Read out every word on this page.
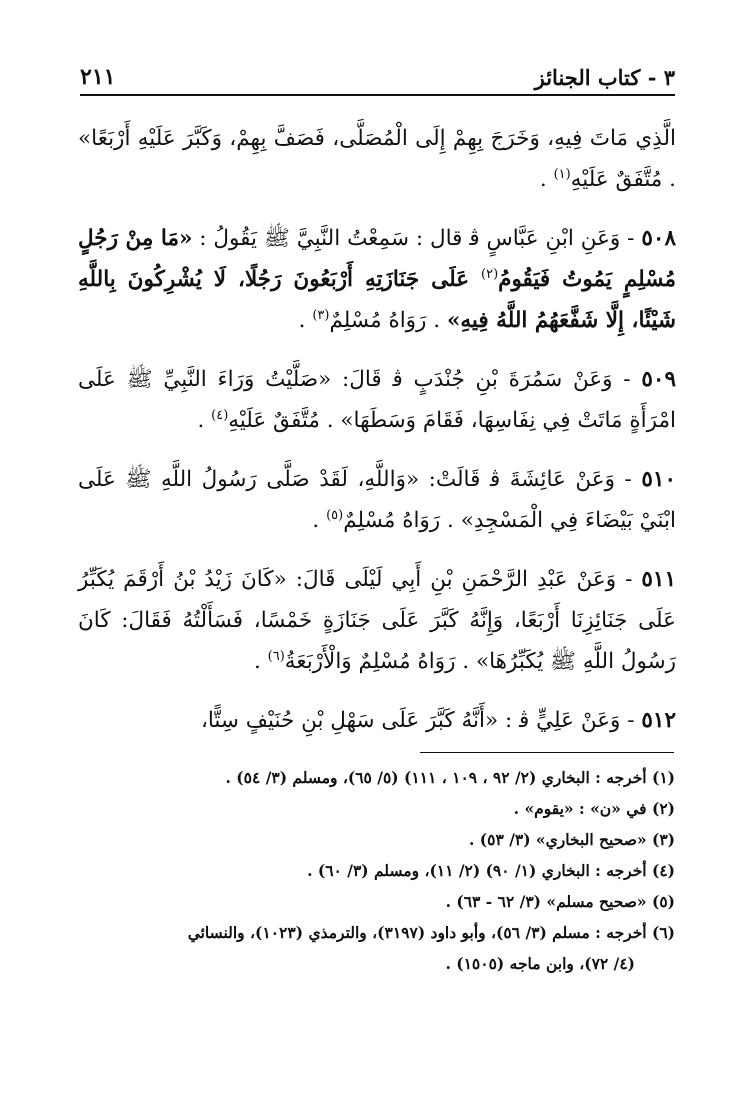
٣ - كتاب الجنائز
٢١١

الَّذِي مَاتَ فِيهِ، وَخَرَجَ بِهِمْ إِلَى الْمُصَلَّى، فَصَفَّ بِهِمْ، وَكَبَّرَ عَلَيْهِ أَرْبَعًا» . مُتَّفَقٌ عَلَيْهِ$^{(١)}$ .

٥٠٨ - وَعَنِ ابْنِ عَبَّاسٍ ﭬ قال : سَمِعْتُ النَّبِيَّ ﷺ يَقُولُ : «مَا مِنْ رَجُلٍ مُسْلِمٍ يَمُوتُ فَيَقُومُ$^{(٢)}$ عَلَى جَنَازَتِهِ أَرْبَعُونَ رَجُلًا، لَا يُشْرِكُونَ بِاللَّهِ شَيْئًا، إِلَّا شَفَّعَهُمُ اللَّهُ فِيهِ» . رَوَاهُ مُسْلِمٌ$^{(٣)}$ .

٥٠٩ - وَعَنْ سَمُرَةَ بْنِ جُنْدَبٍ ﭬ قَالَ: «صَلَّيْتُ وَرَاءَ النَّبِيِّ ﷺ عَلَى امْرَأَةٍ مَاتَتْ فِي نِفَاسِهَا، فَقَامَ وَسَطَهَا» . مُتَّفَقٌ عَلَيْهِ$^{(٤)}$ .

٥١٠ - وَعَنْ عَائِشَةَ ﭬ قَالَتْ: «وَاللَّهِ، لَقَدْ صَلَّى رَسُولُ اللَّهِ ﷺ عَلَى ابْنَيْ بَيْضَاءَ فِي الْمَسْجِدِ» . رَوَاهُ مُسْلِمٌ$^{(٥)}$ .

٥١١ - وَعَنْ عَبْدِ الرَّحْمَنِ بْنِ أَبِي لَيْلَى قَالَ: «كَانَ زَيْدُ بْنُ أَرْقَمَ يُكَبِّرُ عَلَى جَنَائِزِنَا أَرْبَعًا، وَإِنَّهُ كَبَّرَ عَلَى جَنَازَةٍ خَمْسًا، فَسَأَلْتُهُ فَقَالَ: كَانَ رَسُولُ اللَّهِ ﷺ يُكَبِّرُهَا» . رَوَاهُ مُسْلِمٌ وَالْأَرْبَعَةُ$^{(٦)}$ .

٥١٢ - وَعَنْ عَلِيٍّ ﭬ : «أَنَّهُ كَبَّرَ عَلَى سَهْلِ بْنِ حُنَيْفٍ سِتًّا،

(١) أخرجه : البخاري (٢/ ٩٢ ، ١٠٩ ، ١١١) (٥/ ٦٥)، ومسلم (٣/ ٥٤) .

(٢) في «ن» : «يقوم» .

(٣) «صحيح البخاري» (٣/ ٥٣) .

(٤) أخرجه : البخاري (١/ ٩٠) (٢/ ١١)، ومسلم (٣/ ٦٠) .

(٥) «صحيح مسلم» (٣/ ٦٢ - ٦٣) .

(٦) أخرجه : مسلم (٣/ ٥٦)، وأبو داود (٣١٩٧)، والترمذي (١٠٢٣)، والنسائي

(٤/ ٧٢)، وابن ماجه (١٥٠٥) .
